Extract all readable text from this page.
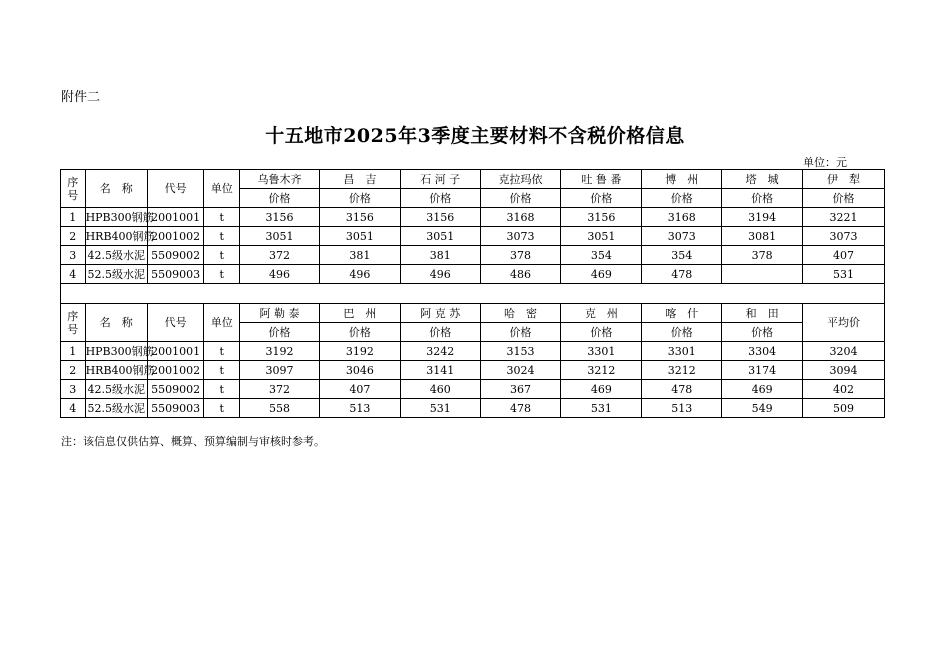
附件二
十五地市2025年3季度主要材料不含税价格信息
单位：元
序
号	名　称	代号	单位	乌鲁木齐	昌　吉	石 河 子	克拉玛依	吐 鲁 番	博　州	塔　城	伊　犁
				价格	价格	价格	价格	价格	价格	价格	价格
1	HPB300钢筋	2001001	t	3156	3156	3156	3168	3156	3168	3194	3221
2	HRB400钢筋	2001002	t	3051	3051	3051	3073	3051	3073	3081	3073
3	42.5级水泥	5509002	t	372	381	381	378	354	354	378	407
4	52.5级水泥	5509003	t	496	496	496	486	469	478		531

序
号	名　称	代号	单位	阿 勒 泰	巴　州	阿 克 苏	哈　密	克　州	喀　什	和　田	平均价
				价格	价格	价格	价格	价格	价格	价格	
1	HPB300钢筋	2001001	t	3192	3192	3242	3153	3301	3301	3304	3204
2	HRB400钢筋	2001002	t	3097	3046	3141	3024	3212	3212	3174	3094
3	42.5级水泥	5509002	t	372	407	460	367	469	478	469	402
4	52.5级水泥	5509003	t	558	513	531	478	531	513	549	509
注：该信息仅供估算、概算、预算编制与审核时参考。
